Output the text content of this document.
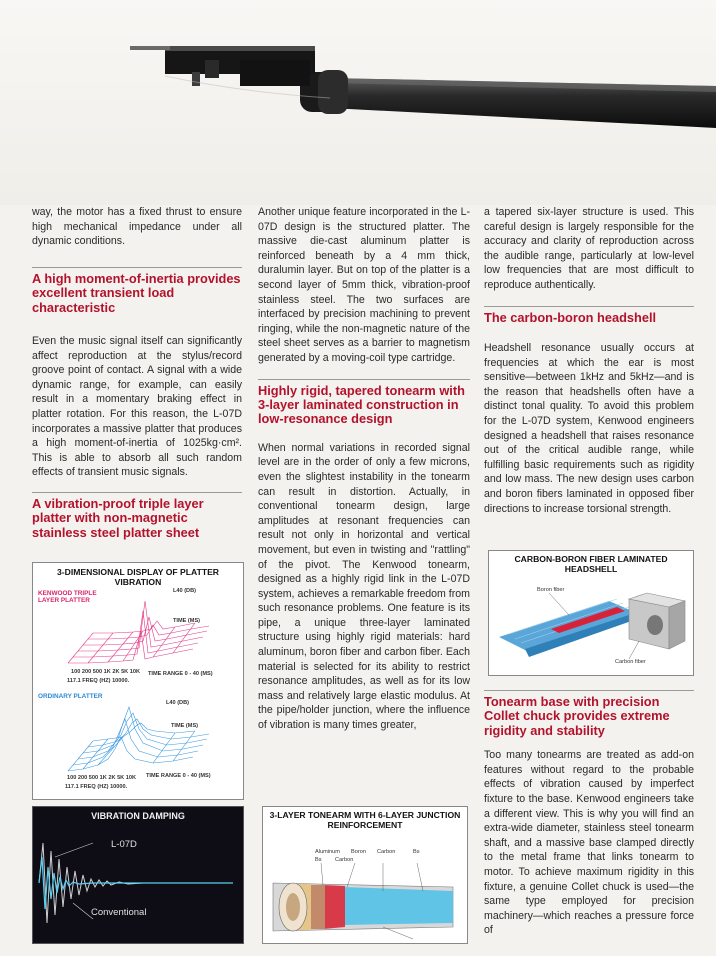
way, the motor has a fixed thrust to ensure high mechanical impedance under all dynamic conditions.

A high moment-of-inertia provides excellent transient load characteristic

Even the music signal itself can significantly affect reproduction at the stylus/record groove point of contact. A signal with a wide dynamic range, for example, can easily result in a momentary braking effect in platter rotation. For this reason, the L-07D incorporates a massive platter that produces a high moment-of-inertia of 1025kg·cm². This is able to absorb all such random effects of transient music signals.

A vibration-proof triple layer platter with non-magnetic stainless steel platter sheet
3-DIMENSIONAL DISPLAY OF PLATTER VIBRATION
KENWOOD TRIPLE LAYER PLATTER
L40 (DB)
TIME (MS)
100 200 500 1K 2K 5K 10K TIME RANGE 0 - 40 (MS)
117.1 FREQ (HZ) 10000.
ORDINARY PLATTER
L40 (DB)
TIME (MS)
100 200 500 1K 2K 5K 10K TIME RANGE 0 - 40 (MS)
117.1 FREQ (HZ) 10000.
VIBRATION DAMPING
L-07D
Conventional

Another unique feature incorporated in the L-07D design is the structured platter. The massive die-cast aluminum platter is reinforced beneath by a 4 mm thick, duralumin layer. But on top of the platter is a second layer of 5mm thick, vibration-proof stainless steel. The two surfaces are interfaced by precision machining to prevent ringing, while the non-magnetic nature of the steel sheet serves as a barrier to magnetism generated by a moving-coil type cartridge.

Highly rigid, tapered tonearm with 3-layer laminated construction in low-resonance design

When normal variations in recorded signal level are in the order of only a few microns, even the slightest instability in the tonearm can result in distortion. Actually, in conventional tonearm design, large amplitudes at resonant frequencies can result not only in horizontal and vertical movement, but even in twisting and "rattling" of the pivot. The Kenwood tonearm, designed as a highly rigid link in the L-07D system, achieves a remarkable freedom from such resonance problems. One feature is its pipe, a unique three-layer laminated structure using highly rigid materials: hard aluminum, boron fiber and carbon fiber. Each material is selected for its ability to restrict resonance amplitudes, as well as for its low mass and relatively large elastic modulus. At the pipe/holder junction, where the influence of vibration is many times greater,

3-LAYER TONEARM WITH 6-LAYER JUNCTION REINFORCEMENT
Aluminum Boron Carbon	Bs
Bs Carbon

a tapered six-layer structure is used. This careful design is largely responsible for the accuracy and clarity of reproduction across the audible range, particularly at low-level low frequencies that are most difficult to reproduce authentically.

The carbon-boron headshell

Headshell resonance usually occurs at frequencies at which the ear is most sensitive—between 1kHz and 5kHz—and is the reason that headshells often have a distinct tonal quality. To avoid this problem for the L-07D system, Kenwood engineers designed a headshell that raises resonance out of the critical audible range, while fulfilling basic requirements such as rigidity and low mass. The new design uses carbon and boron fibers laminated in opposed fiber directions to increase torsional strength.

CARBON-BORON FIBER LAMINATED HEADSHELL
Boron fiber
Carbon fiber
Tonearm base with precision Collet chuck provides extreme rigidity and stability

Too many tonearms are treated as add-on features without regard to the probable effects of vibration caused by imperfect fixture to the base. Kenwood engineers take a different view. This is why you will find an extra-wide diameter, stainless steel tonearm shaft, and a massive base clamped directly to the metal frame that links tonearm to motor. To achieve maximum rigidity in this fixture, a genuine Collet chuck is used—the same type employed for precision machinery—which reaches a pressure force of
